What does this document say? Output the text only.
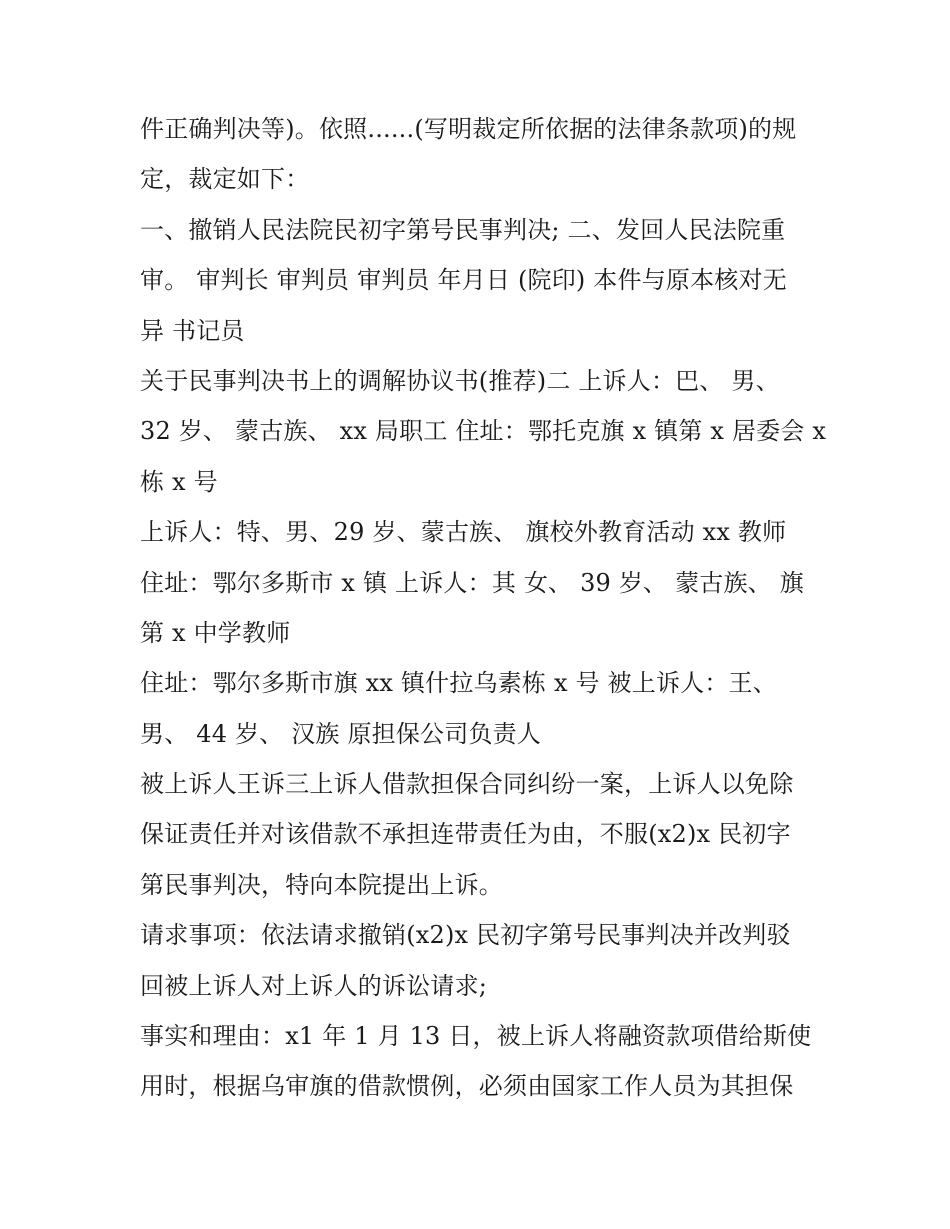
件正确判决等)。依照......(写明裁定所依据的法律条款项)的规
定，裁定如下：
一、撤销人民法院民初字第号民事判决; 二、发回人民法院重
审。 审判长 审判员 审判员 年月日 (院印) 本件与原本核对无
异 书记员
关于民事判决书上的调解协议书(推荐)二 上诉人：巴、 男、
32 岁、 蒙古族、 xx 局职工 住址：鄂托克旗 x 镇第 x 居委会 x
栋 x 号
上诉人：特、男、29 岁、蒙古族、 旗校外教育活动 xx 教师
住址：鄂尔多斯市 x 镇 上诉人：其 女、 39 岁、 蒙古族、 旗
第 x 中学教师
住址：鄂尔多斯市旗 xx 镇什拉乌素栋 x 号 被上诉人：王、
男、 44 岁、 汉族 原担保公司负责人
被上诉人王诉三上诉人借款担保合同纠纷一案，上诉人以免除
保证责任并对该借款不承担连带责任为由，不服(x2)x 民初字
第民事判决，特向本院提出上诉。
请求事项：依法请求撤销(x2)x 民初字第号民事判决并改判驳
回被上诉人对上诉人的诉讼请求;
事实和理由：x1 年 1 月 13 日，被上诉人将融资款项借给斯使
用时，根据乌审旗的借款惯例，必须由国家工作人员为其担保
